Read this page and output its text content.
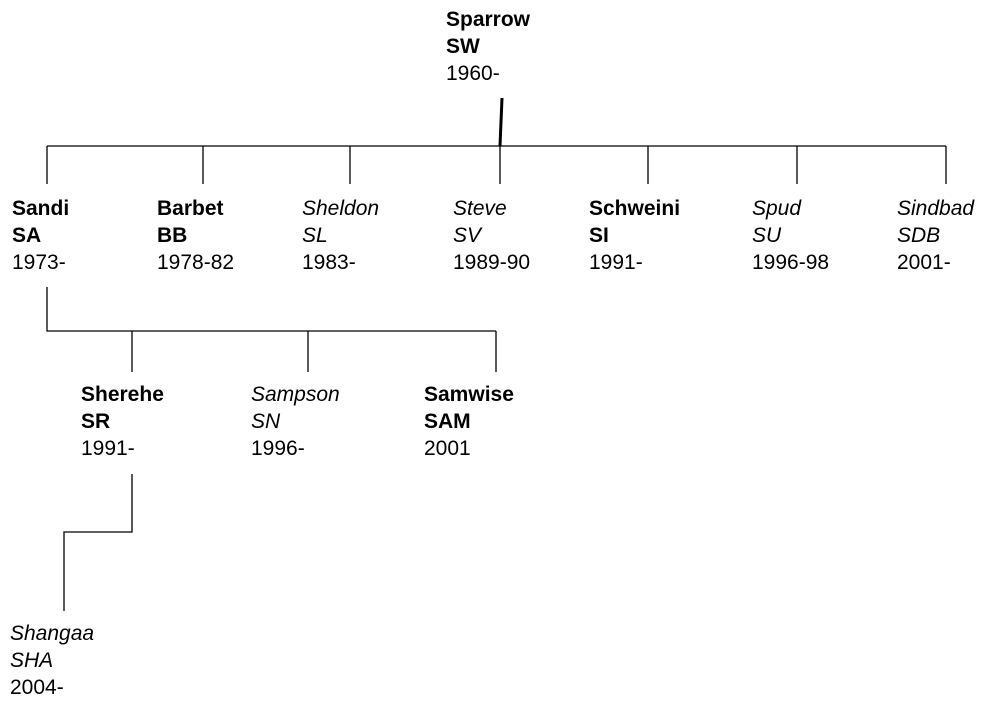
Sparrow
SW
1960-
Sandi
SA
1973-
Barbet
BB
1978-82
Sheldon
SL
1983-
Steve
SV
1989-90
Schweini
SI
1991-
Spud
SU
1996-98
Sindbad
SDB
2001-
Sherehe
SR
1991-
Sampson
SN
1996-
Samwise
SAM
2001
Shangaa
SHA
2004-
